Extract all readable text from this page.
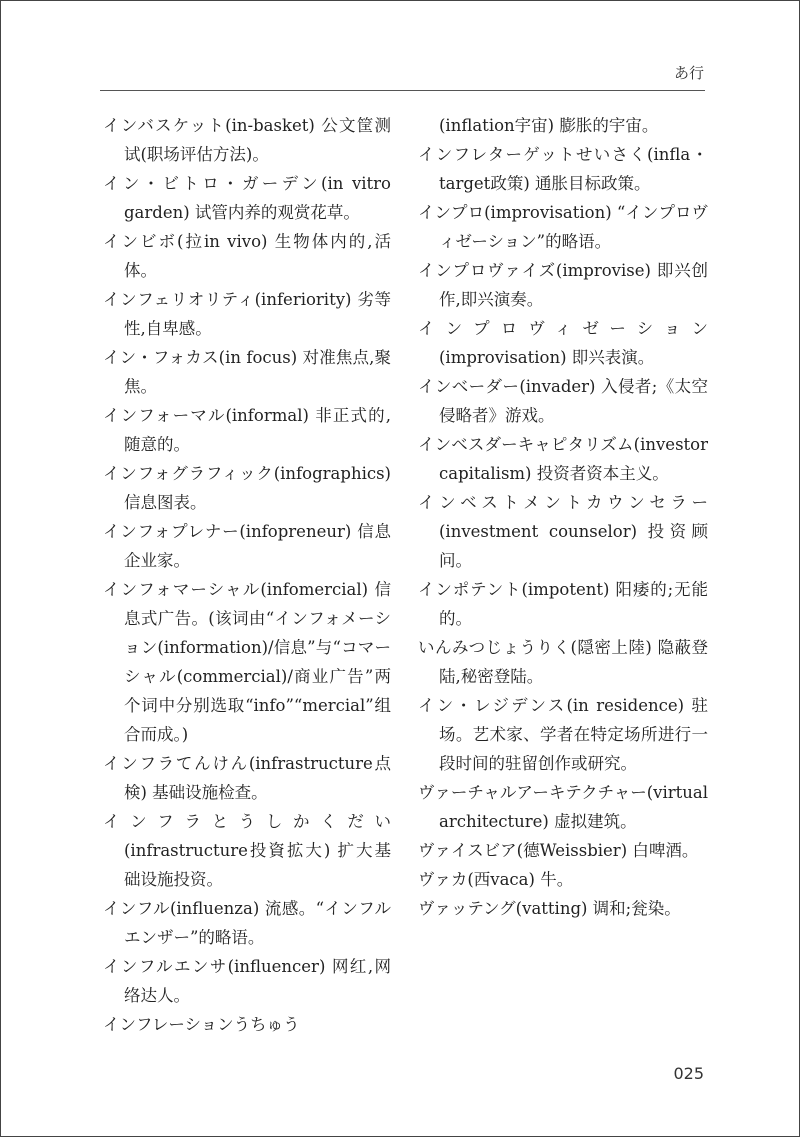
あ行

インバスケット(in-basket) 公文筐测试(职场评估方法)。

イン・ビトロ・ガーデン(in vitro garden) 试管内养的观赏花草。

インビボ(拉in vivo) 生物体内的,活体。

インフェリオリティ(inferiority) 劣等性,自卑感。

イン・フォカス(in focus) 对准焦点,聚焦。

インフォーマル(informal) 非正式的,随意的。

インフォグラフィック(infographics) 信息图表。

インフォプレナー(infopreneur) 信息企业家。

インフォマーシャル(infomercial) 信息式广告。(该词由“インフォメーション(information)/信息”与“コマーシャル(commercial)/商业广告”两个词中分别选取“info”“mercial”组合而成。)

インフラてんけん(infrastructure点検) 基础设施检查。

インフラとうしかくだい(infrastructure投資拡大) 扩大基础设施投资。

インフル(influenza) 流感。“インフルエンザー”的略语。

インフルエンサ(influencer) 网红,网络达人。

インフレーションうちゅう

(inflation宇宙) 膨胀的宇宙。

インフレターゲットせいさく(infla・target政策) 通胀目标政策。

インプロ(improvisation) “インプロヴィゼーション”的略语。

インプロヴァイズ(improvise) 即兴创作,即兴演奏。

インプロヴィゼーション(improvisation) 即兴表演。

インベーダー(invader) 入侵者;《太空侵略者》游戏。

インベスダーキャピタリズム(investor capitalism) 投资者资本主义。

インベストメントカウンセラー(investment counselor) 投资顾问。

インポテント(impotent) 阳痿的;无能的。

いんみつじょうりく(隠密上陸) 隐蔽登陆,秘密登陆。

イン・レジデンス(in residence) 驻场。艺术家、学者在特定场所进行一段时间的驻留创作或研究。

ヴァーチャルアーキテクチャー(virtual architecture) 虚拟建筑。

ヴァイスビア(德Weissbier) 白啤酒。

ヴァカ(西vaca) 牛。

ヴァッテング(vatting) 调和;瓮染。

025
